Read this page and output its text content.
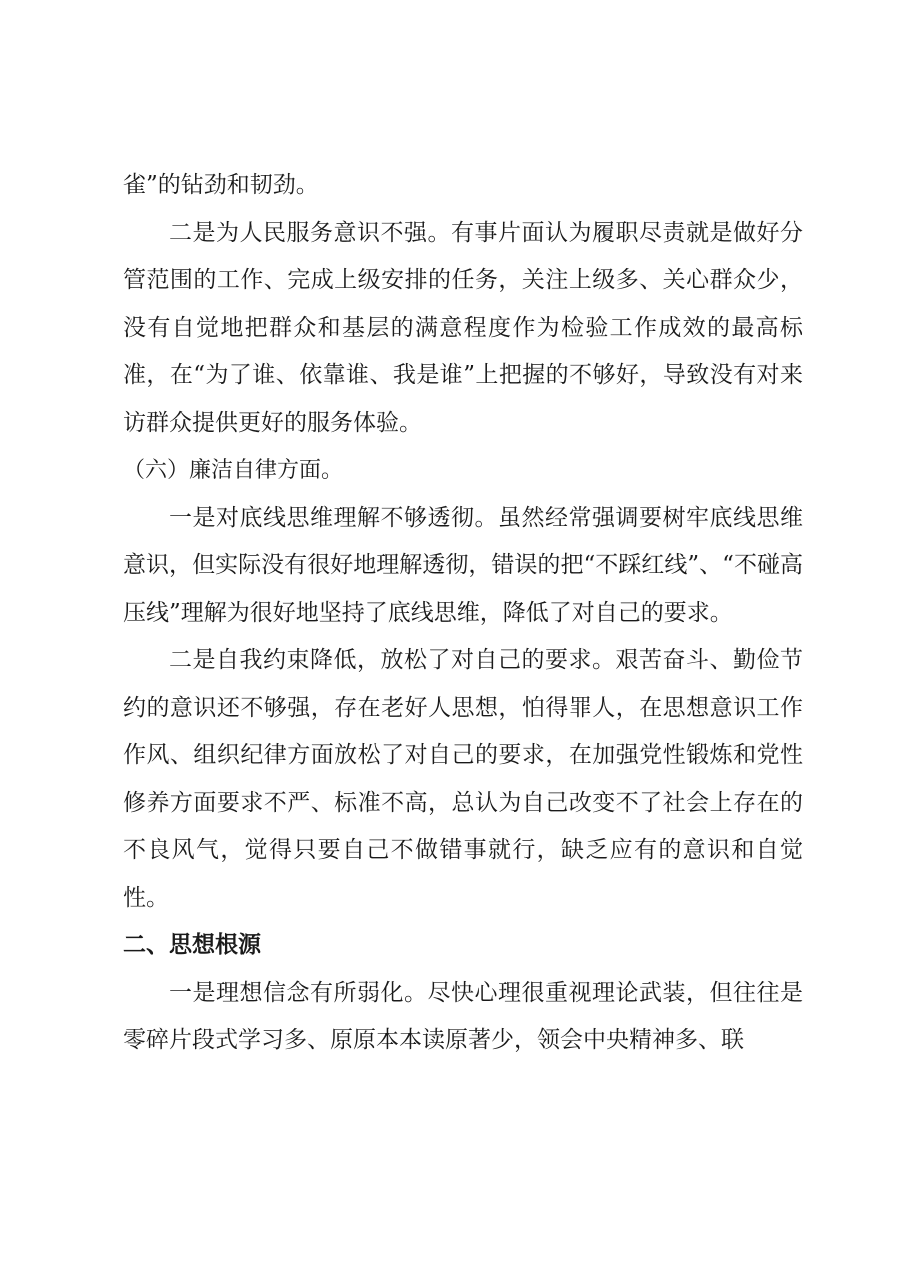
雀”的钻劲和韧劲。

二是为人民服务意识不强。有事片面认为履职尽责就是做好分管范围的工作、完成上级安排的任务，关注上级多、关心群众少，没有自觉地把群众和基层的满意程度作为检验工作成效的最高标准，在“为了谁、依靠谁、我是谁”上把握的不够好，导致没有对来访群众提供更好的服务体验。

（六）廉洁自律方面。

一是对底线思维理解不够透彻。虽然经常强调要树牢底线思维意识，但实际没有很好地理解透彻，错误的把“不踩红线”、“不碰高压线”理解为很好地坚持了底线思维，降低了对自己的要求。

二是自我约束降低，放松了对自己的要求。艰苦奋斗、勤俭节约的意识还不够强，存在老好人思想，怕得罪人，在思想意识工作作风、组织纪律方面放松了对自己的要求，在加强党性锻炼和党性修养方面要求不严、标准不高，总认为自己改变不了社会上存在的不良风气，觉得只要自己不做错事就行，缺乏应有的意识和自觉性。

二、思想根源

一是理想信念有所弱化。尽快心理很重视理论武装，但往往是零碎片段式学习多、原原本本读原著少，领会中央精神多、联
